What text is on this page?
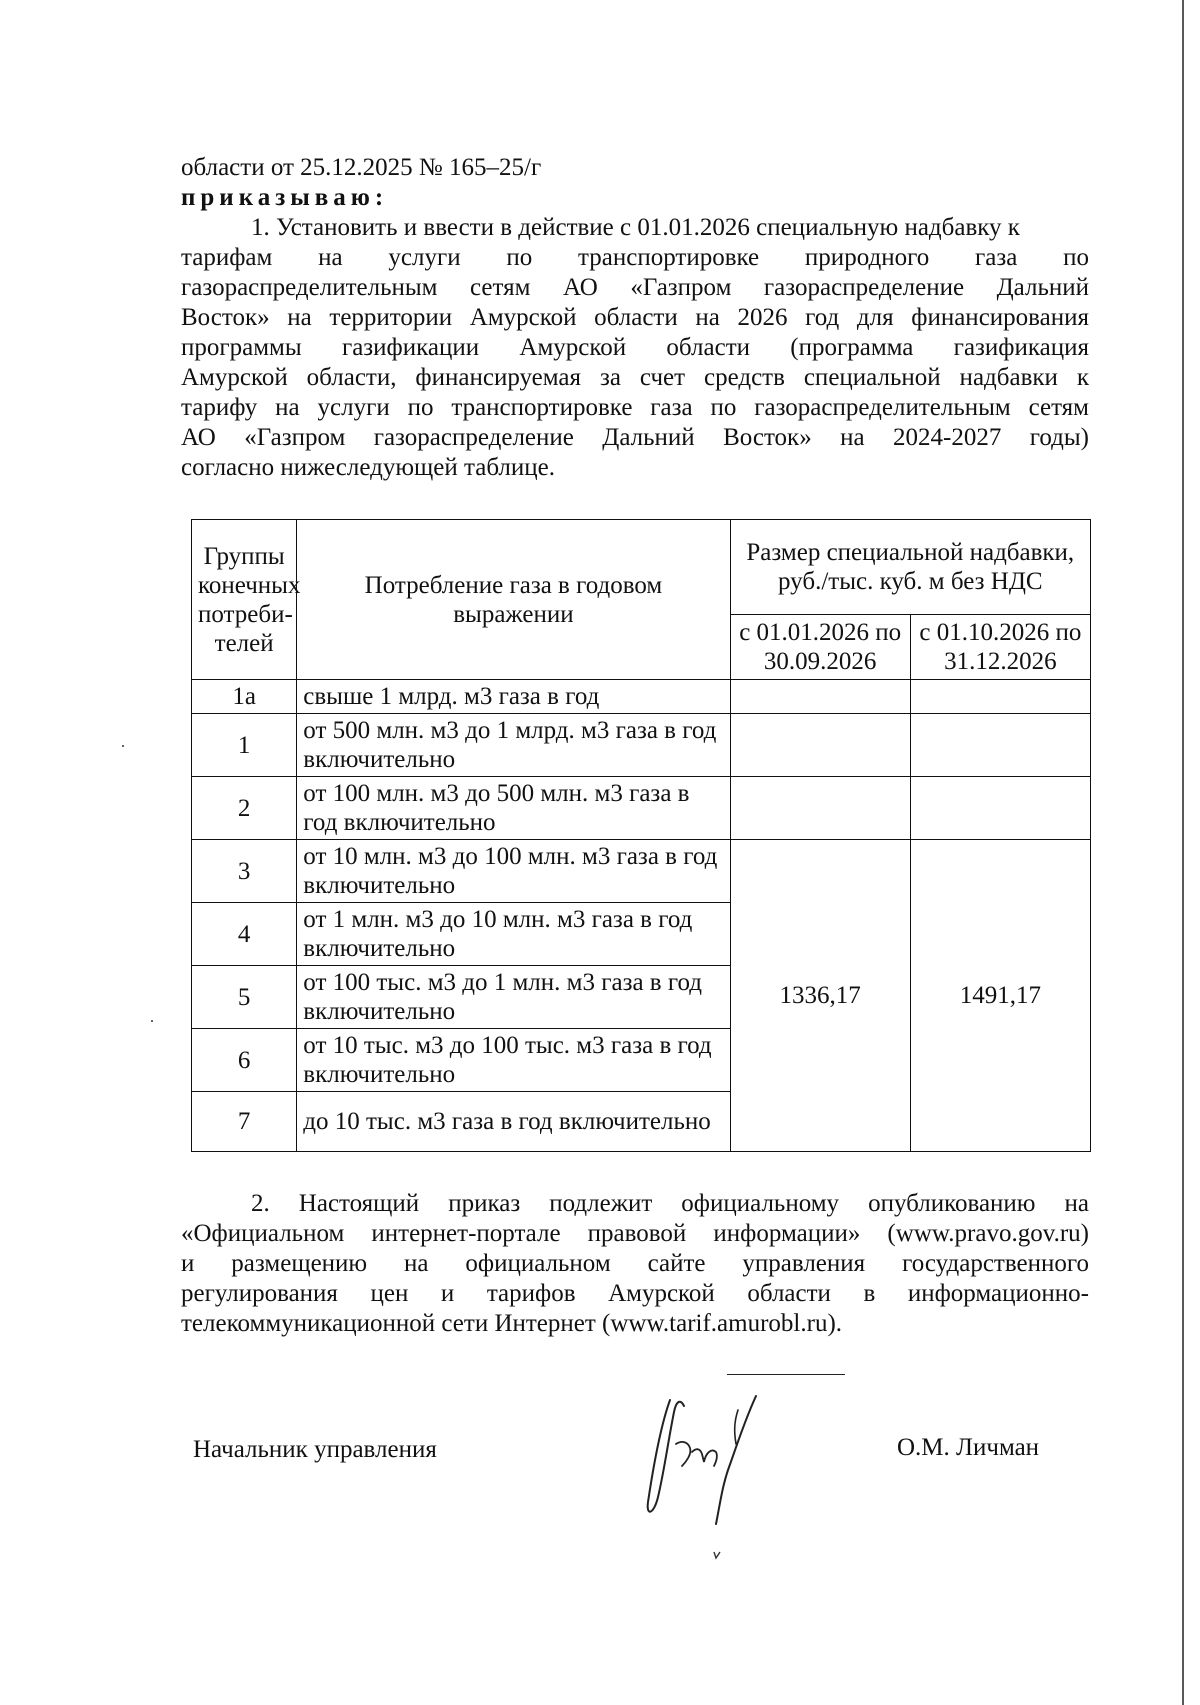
области от 25.12.2025 № 165–25/г
приказываю:
1. Установить и ввести в действие с 01.01.2026 специальную надбавку к
тарифам на услуги по транспортировке природного газа по
газораспределительным сетям АО «Газпром газораспределение Дальний
Восток» на территории Амурской области на 2026 год для финансирования
программы газификации Амурской области (программа газификация
Амурской области, финансируемая за счет средств специальной надбавки к
тарифу на услуги по транспортировке газа по газораспределительным сетям
АО «Газпром газораспределение Дальний Восток» на 2024-2027 годы)
согласно нижеследующей таблице.
Группы конечных потреби-телей	Потребление газа в годовом выражении	Размер специальной надбавки, руб./тыс. куб. м без НДС	
		с 01.01.2026 по 30.09.2026	с 01.10.2026 по 31.12.2026
1а	свыше 1 млрд. м3 газа в год		
1	от 500 млн. м3 до 1 млрд. м3 газа в год включительно		
2	от 100 млн. м3 до 500 млн. м3 газа в год включительно		
3	от 10 млн. м3 до 100 млн. м3 газа в год включительно	1336,17	1491,17
4	от 1 млн. м3 до 10 млн. м3 газа в год включительно		
5	от 100 тыс. м3 до 1 млн. м3 газа в год включительно		
6	от 10 тыс. м3 до 100 тыс. м3 газа в год включительно		
7	до 10 тыс. м3 газа в год включительно		
2. Настоящий приказ подлежит официальному опубликованию на
«Официальном интернет-портале правовой информации» (www.pravo.gov.ru)
и размещению на официальном сайте управления государственного
регулирования цен и тарифов Амурской области в информационно-
телекоммуникационной сети Интернет (www.tarif.amurobl.ru).
Начальник управления	О.М. Личман
